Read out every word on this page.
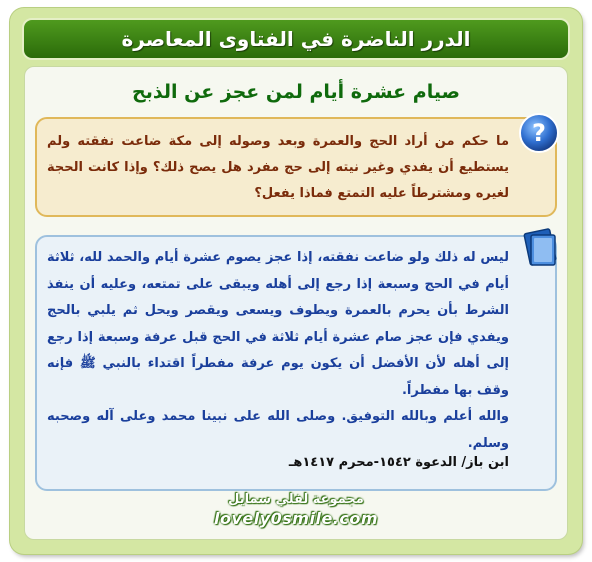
الدرر الناضرة في الفتاوى المعاصرة
صيام عشرة أيام لمن عجز عن الذبح
?
ما حكم من أراد الحج والعمرة وبعد وصوله إلى مكة ضاعت نفقته ولم يستطيع أن يفدي وغير نيته إلى حج مفرد هل يصح ذلك؟ وإذا كانت الحجة لغيره ومشترطاً عليه التمتع فماذا يفعل؟

ليس له ذلك ولو ضاعت نفقته، إذا عجز يصوم عشرة أيام والحمد لله، ثلاثة أيام في الحج وسبعة إذا رجع إلى أهله ويبقى على تمتعه، وعليه أن ينفذ الشرط بأن يحرم بالعمرة ويطوف ويسعى ويقصر ويحل ثم يلبي بالحج ويفدي فإن عجز صام عشرة أيام ثلاثة في الحج قبل عرفة وسبعة إذا رجع إلى أهله لأن الأفضل أن يكون يوم عرفة مفطراً اقتداء بالنبي ﷺ فإنه وقف بها مفطراً.

والله أعلم وبالله التوفيق. وصلى الله على نبينا محمد وعلى آله وصحبه وسلم.

ابن باز/ الدعوة ١٥٤٢-محرم ١٤١٧هـ
مجموعة لفلي سمايل
lovely0smile.com
